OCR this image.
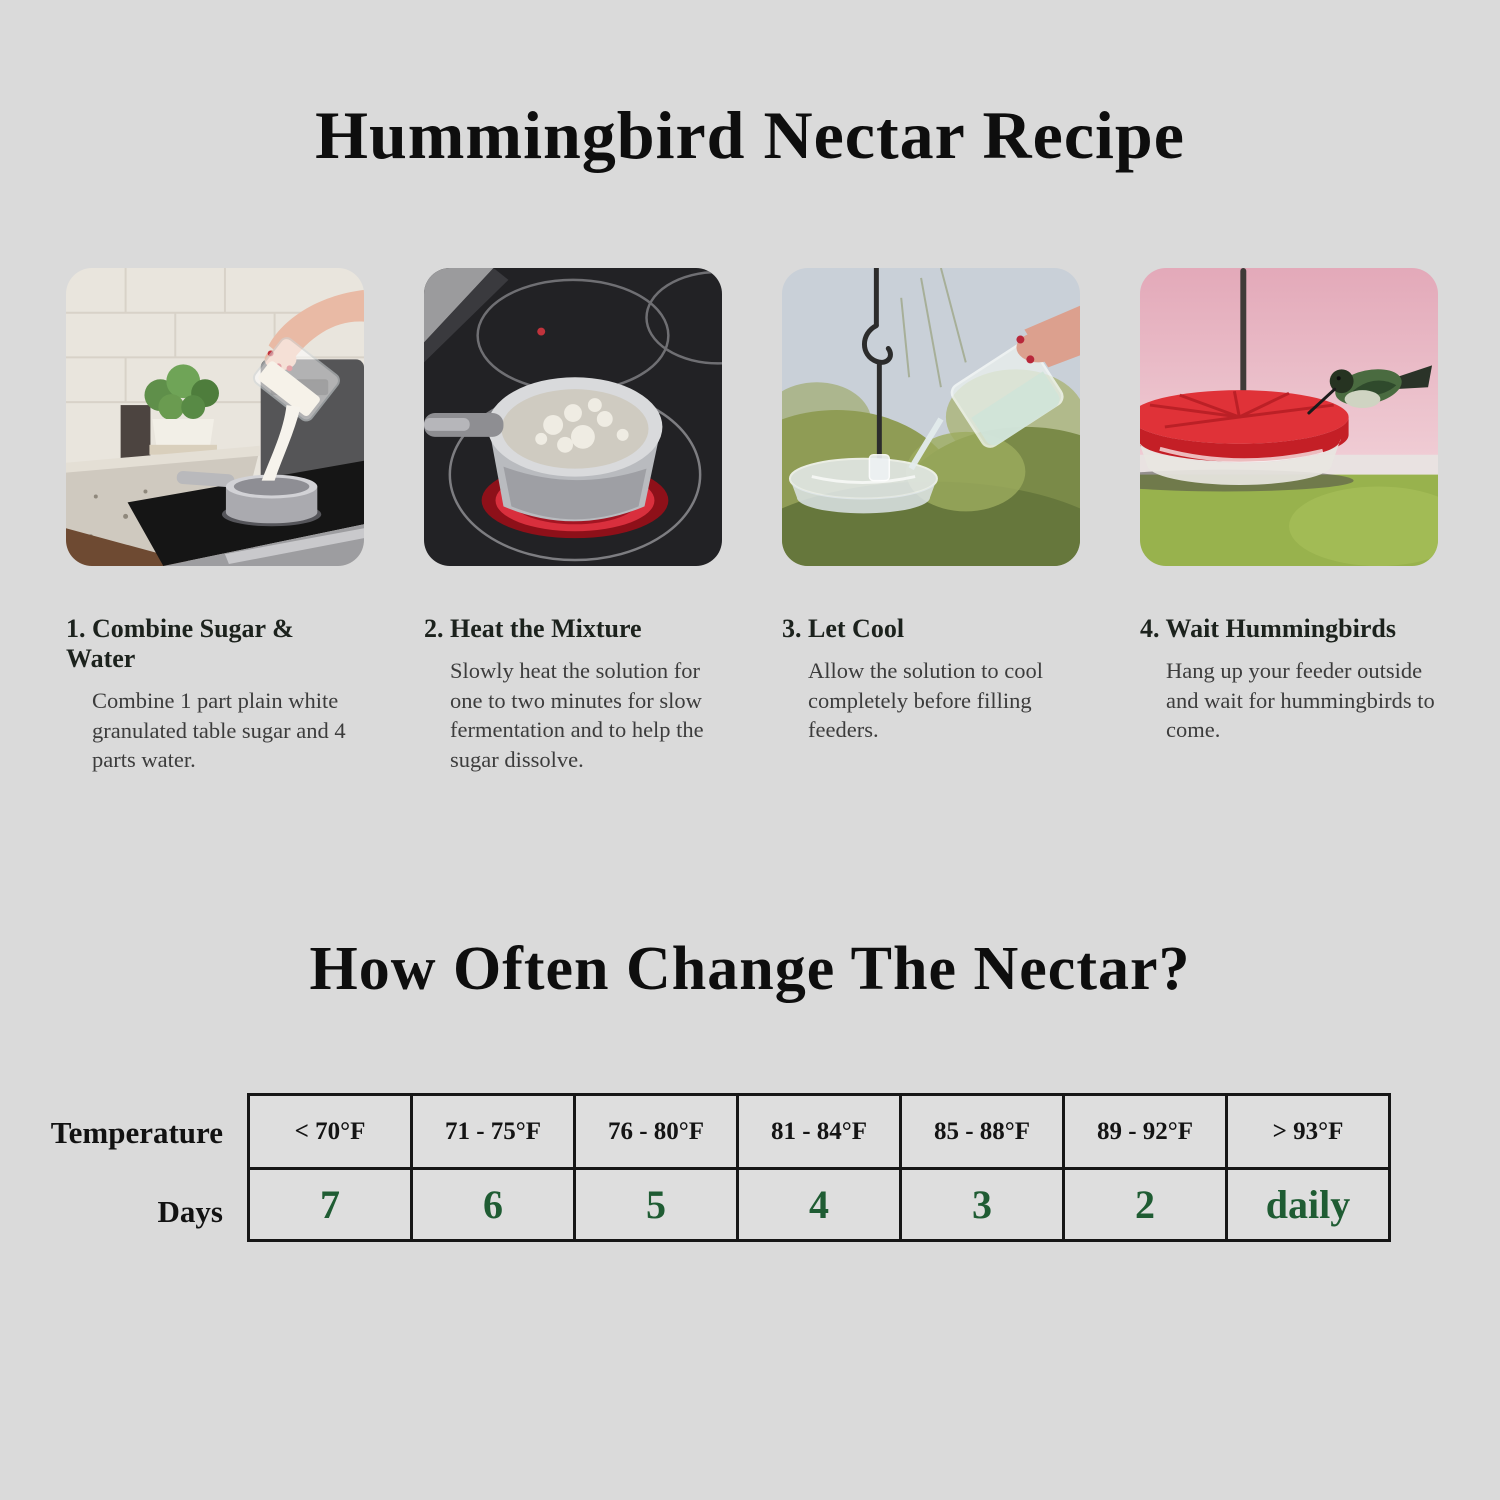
Hummingbird Nectar Recipe
1. Combine Sugar & Water
Combine 1 part plain white granulated table sugar and 4 parts water.
2. Heat the Mixture
Slowly heat the solution for one to two minutes for slow fermentation and to help the sugar dissolve.
3. Let Cool
Allow the solution to cool completely before filling feeders.
4. Wait Hummingbirds
Hang up your feeder outside and wait for hummingbirds to come.
How Often Change The Nectar?
Temperature
Days
< 70°F	71 - 75°F	76 - 80°F	81 - 84°F	85 - 88°F	89 - 92°F	> 93°F
7	6	5	4	3	2	daily
